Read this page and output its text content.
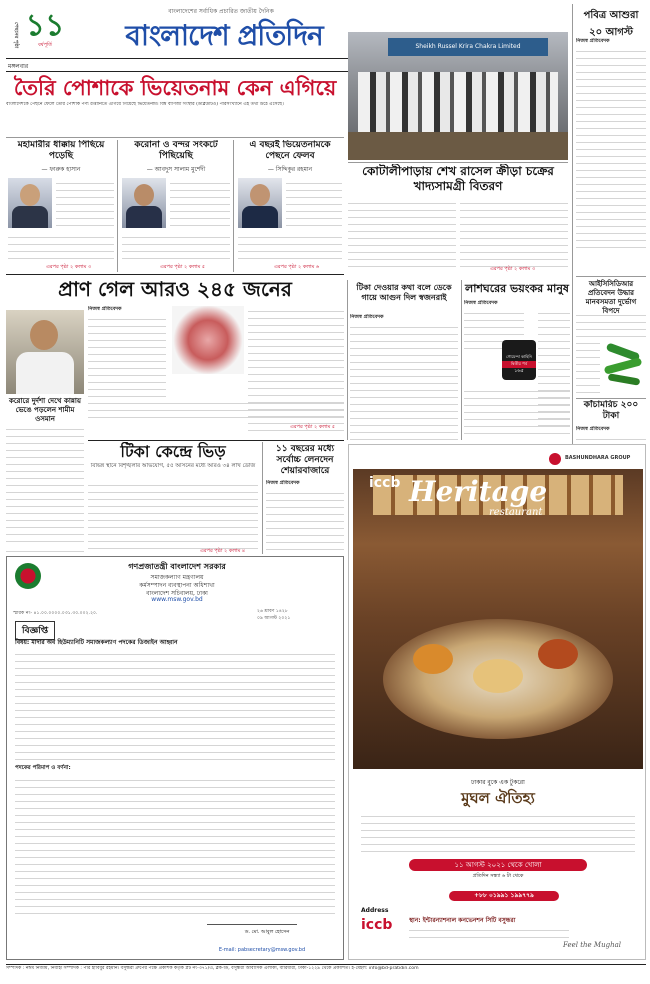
পেছনের পৃষ্ঠা ১১
বর্ষপূর্তি
বাংলাদেশের সর্বাধিক প্রচারিত জাতীয় দৈনিক
বাংলাদেশ প্রতিদিন
মঙ্গলবার
তৈরি পোশাকে ভিয়েতনাম কেন এগিয়ে
বাংলাদেশকে পেছনে ফেলে তৈরি পোশাক পণ্য রপ্তানিতে এগিয়ে গিয়েছে ভিয়েতনাম। বিশ্ব বাণিজ্য সংস্থার (ডব্লিউটিও) পরিসংখ্যানে এই তথ্য উঠে এসেছে।
মহামারীর ধাক্কায় পিছিয়ে পড়েছি
— ফারুক হাসান
এরপর পৃষ্ঠা ২ কলাম ৩
করোনা ও বন্দর সংকটে পিছিয়েছি
— আবদুস সালাম মুর্শেদী
এরপর পৃষ্ঠা ২ কলাম ৫
এ বছরই ভিয়েতনামকে পেছনে ফেলব
— সিদ্দিকুর রহমান
এরপর পৃষ্ঠা ২ কলাম ৬
Sheikh Russel Krira Chakra Limited
কোটালীপাড়ায় শেখ রাসেল ক্রীড়া চক্রের খাদ্যসামগ্রী বিতরণ
এরপর পৃষ্ঠা ২ কলাম ৩
পবিত্র আশুরা
২০ আগস্ট
নিজস্ব প্রতিবেদক
আইসিসিডিআর প্রতিবেদন উদ্ধার মানবসমতা দুর্ভোগ বিপদে
কাঁচামরিচ ২০০ টাকা
নিজস্ব প্রতিবেদক
প্রাণ গেল আরও ২৪৫ জনের
করোরে দুর্দশা দেখে কান্নায় ভেঙে পড়লেন শামীম ওসমান
নিজস্ব প্রতিবেদক
এরপর পৃষ্ঠা ২ কলাম ৫
টিকা দেওয়ার কথা বলে ডেকে গায়ে আগুন দিল স্বজনরাই
নিজস্ব প্রতিবেদক
লাশঘরের ভয়ংকর মানুষ
নিজস্ব প্রতিবেদক
গোয়েন্দা কাহিনি
দ্বিতীয় পর্ব
১৬৫
টিকা কেন্দ্রে ভিড়
বিভিন্ন স্থানে বিশৃঙ্খলার অভিযোগ, ৫৫ আসনের মধ্যে আরও ৩৪ লাখ ডোজ
এরপর পৃষ্ঠা ২ কলাম ৪
১১ বছরের মধ্যে সর্বোচ্চ লেনদেন শেয়ারবাজারে
নিজস্ব প্রতিবেদক
গণপ্রজাতন্ত্রী বাংলাদেশ সরকার
সমাজকল্যাণ মন্ত্রণালয়
কর্মসম্পাদন ব্যবস্থাপনা অধিশাখা
বাংলাদেশ সচিবালয়, ঢাকা
www.msw.gov.bd
স্মারক নং- ৪১.০০.০০০০.০৩১.৩০.০০২.২০.	২৬ শ্রাবণ ১৪২৮
০৯ আগস্ট ২০২১
বিজ্ঞপ্তি
বিষয়: মাদার অব হিউম্যানিটি সমাজকল্যাণ পদকের ডিজাইন আহ্বান
পদকের পরিমাপ ও বর্ণনা:
ড. মো. আবুল হোসেন
E-mail: pabsecretary@msw.gov.bd
BASHUNDHARA GROUP
iccb Heritage
restaurant
ঢাকার বুকে এক টুকরো
মুঘল ঐতিহ্য
১১ আগস্ট ২০২১ থেকে খোলা
প্রতিদিন সন্ধ্যা ৬ টা থেকে
+৮৮ ০১৯৯১ ১৯৯৭৭৯
Address
iccb	স্থান: ইন্টারন্যাশনাল কনভেনশন সিটি বসুন্ধরা
Feel the Mughal
সম্পাদক : নঈম নিজাম, নির্বাহী সম্পাদক : পীর হাবিবুর রহমান। বসুন্ধরা গ্রুপের পক্ষে প্রকাশক কর্তৃক প্লট নং-৩৭১/এ, ব্লক-ডি, বসুন্ধরা আবাসিক এলাকা, বারিধারা, ঢাকা-১২২৯ থেকে প্রকাশিত। ই-মেইল: info@bd-pratidin.com
